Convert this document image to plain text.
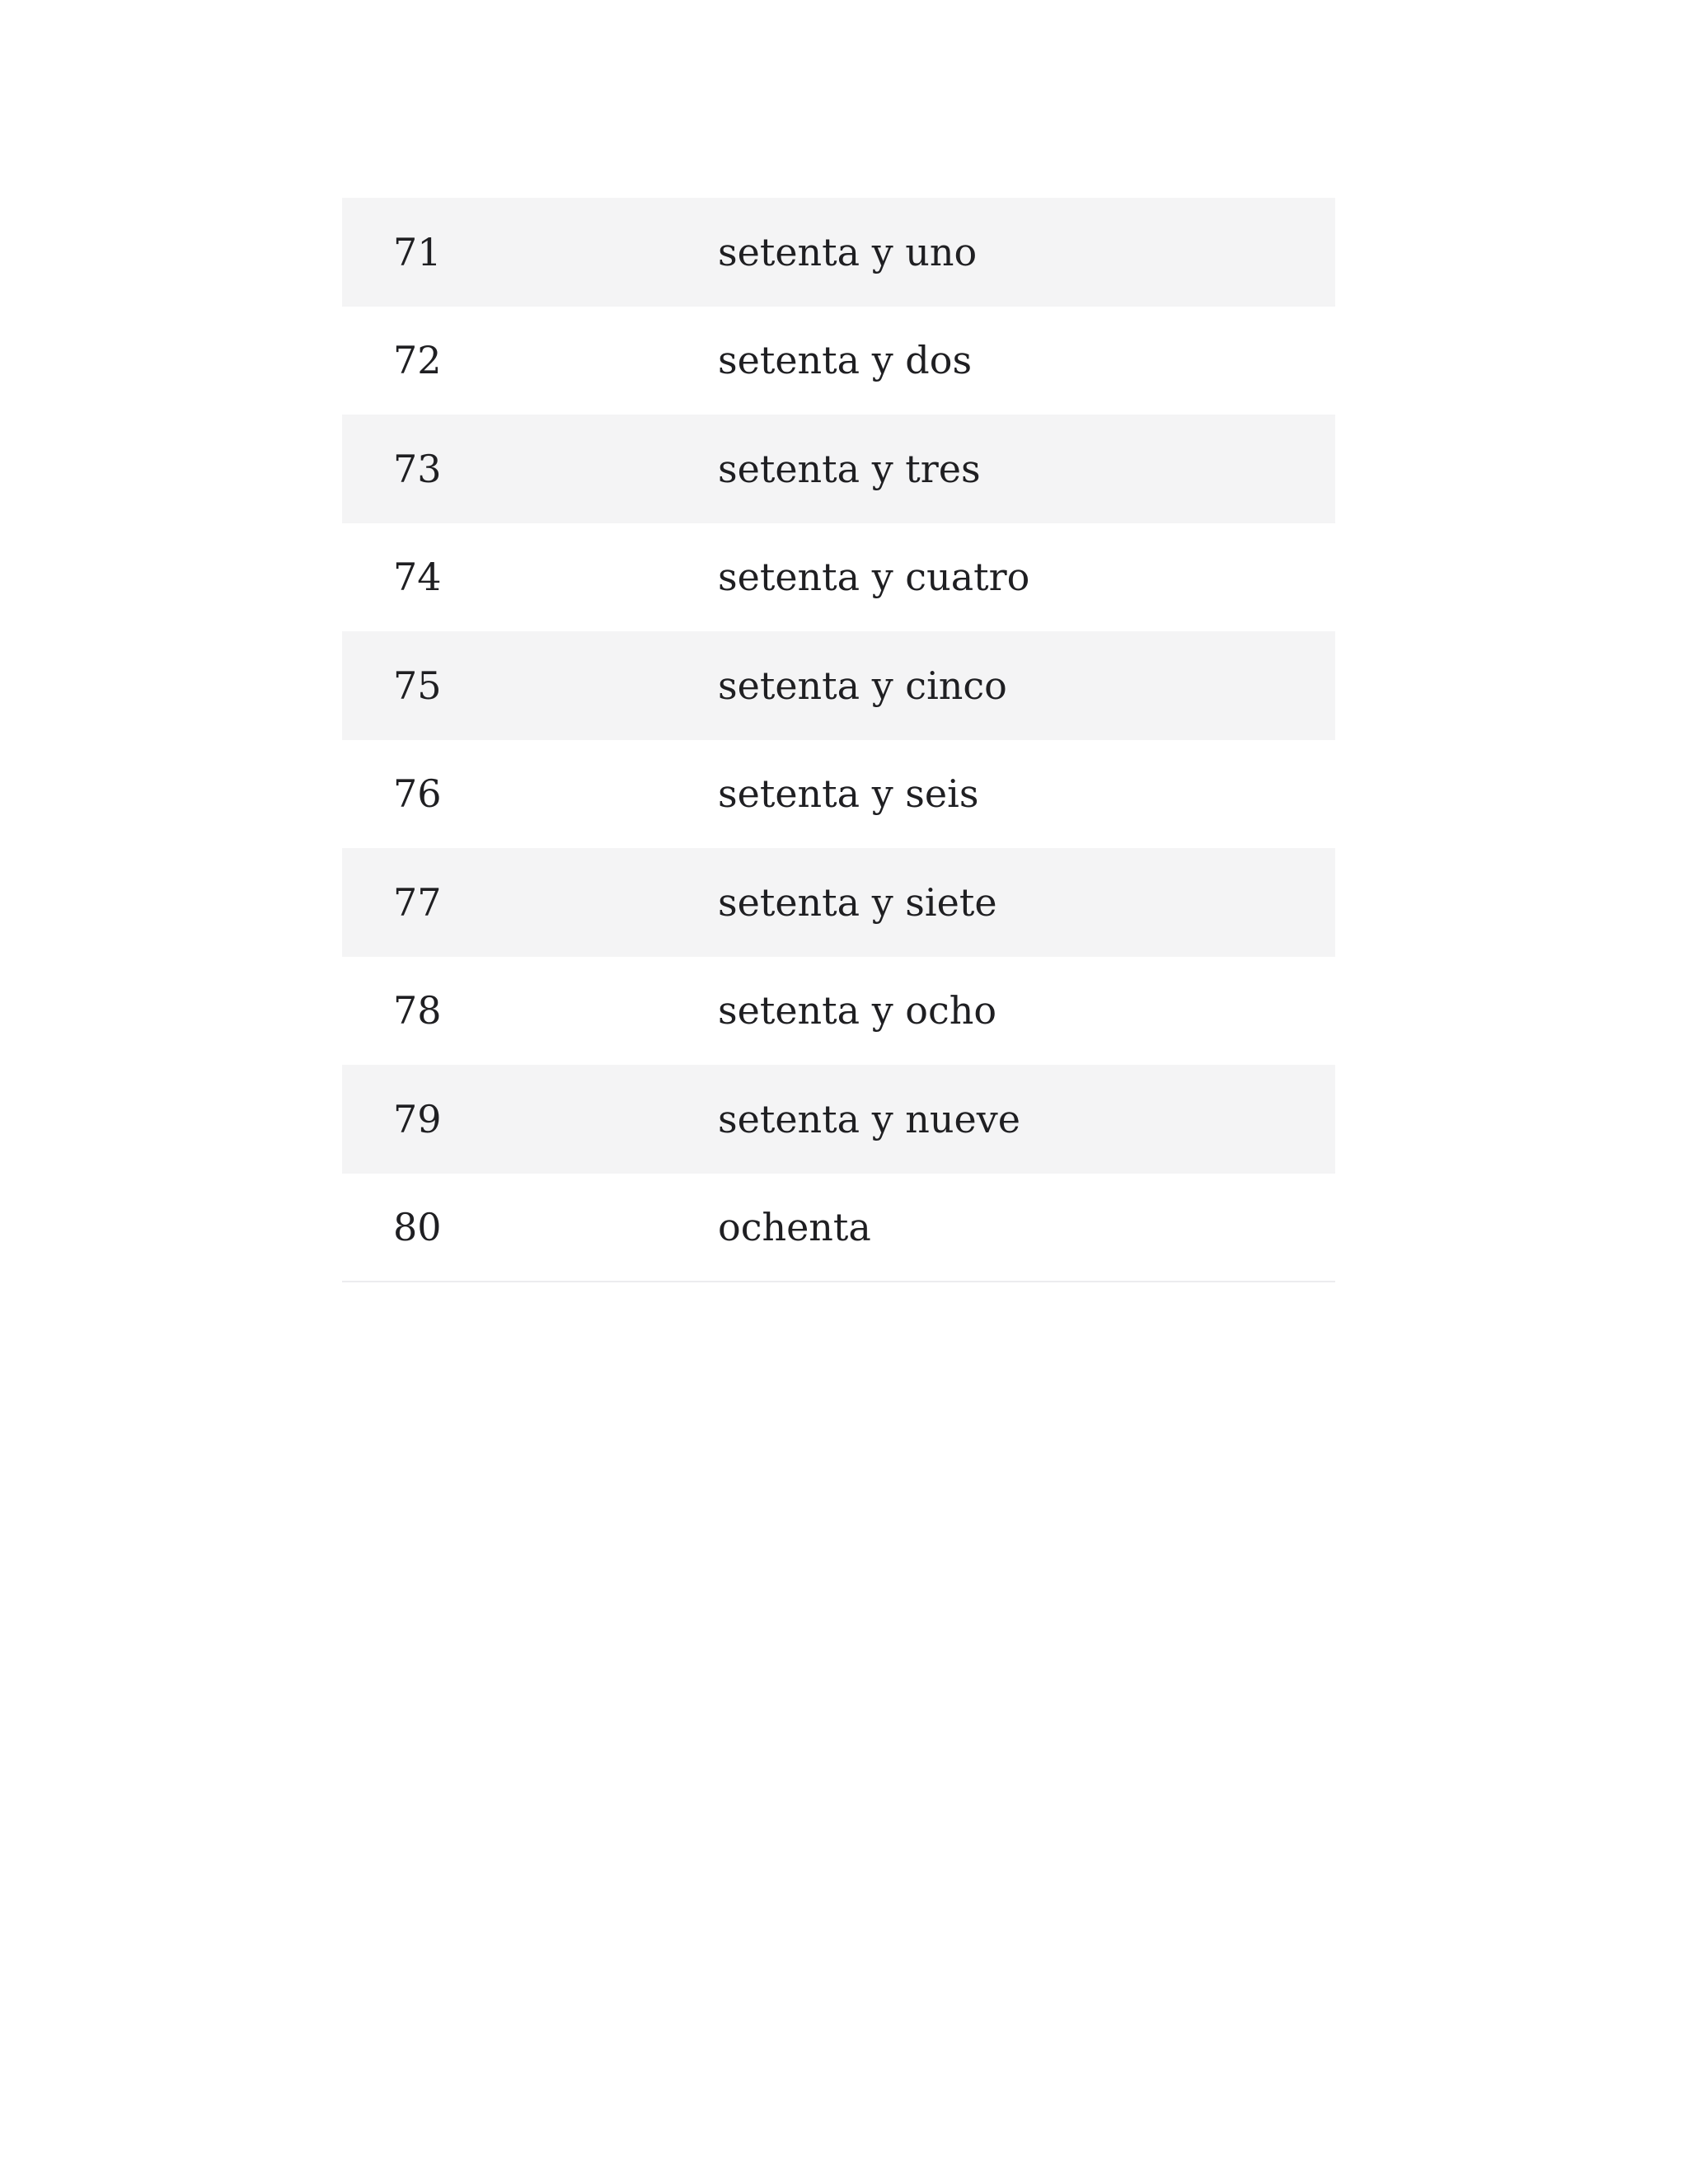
71	setenta y uno
72	setenta y dos
73	setenta y tres
74	setenta y cuatro
75	setenta y cinco
76	setenta y seis
77	setenta y siete
78	setenta y ocho
79	setenta y nueve
80	ochenta
